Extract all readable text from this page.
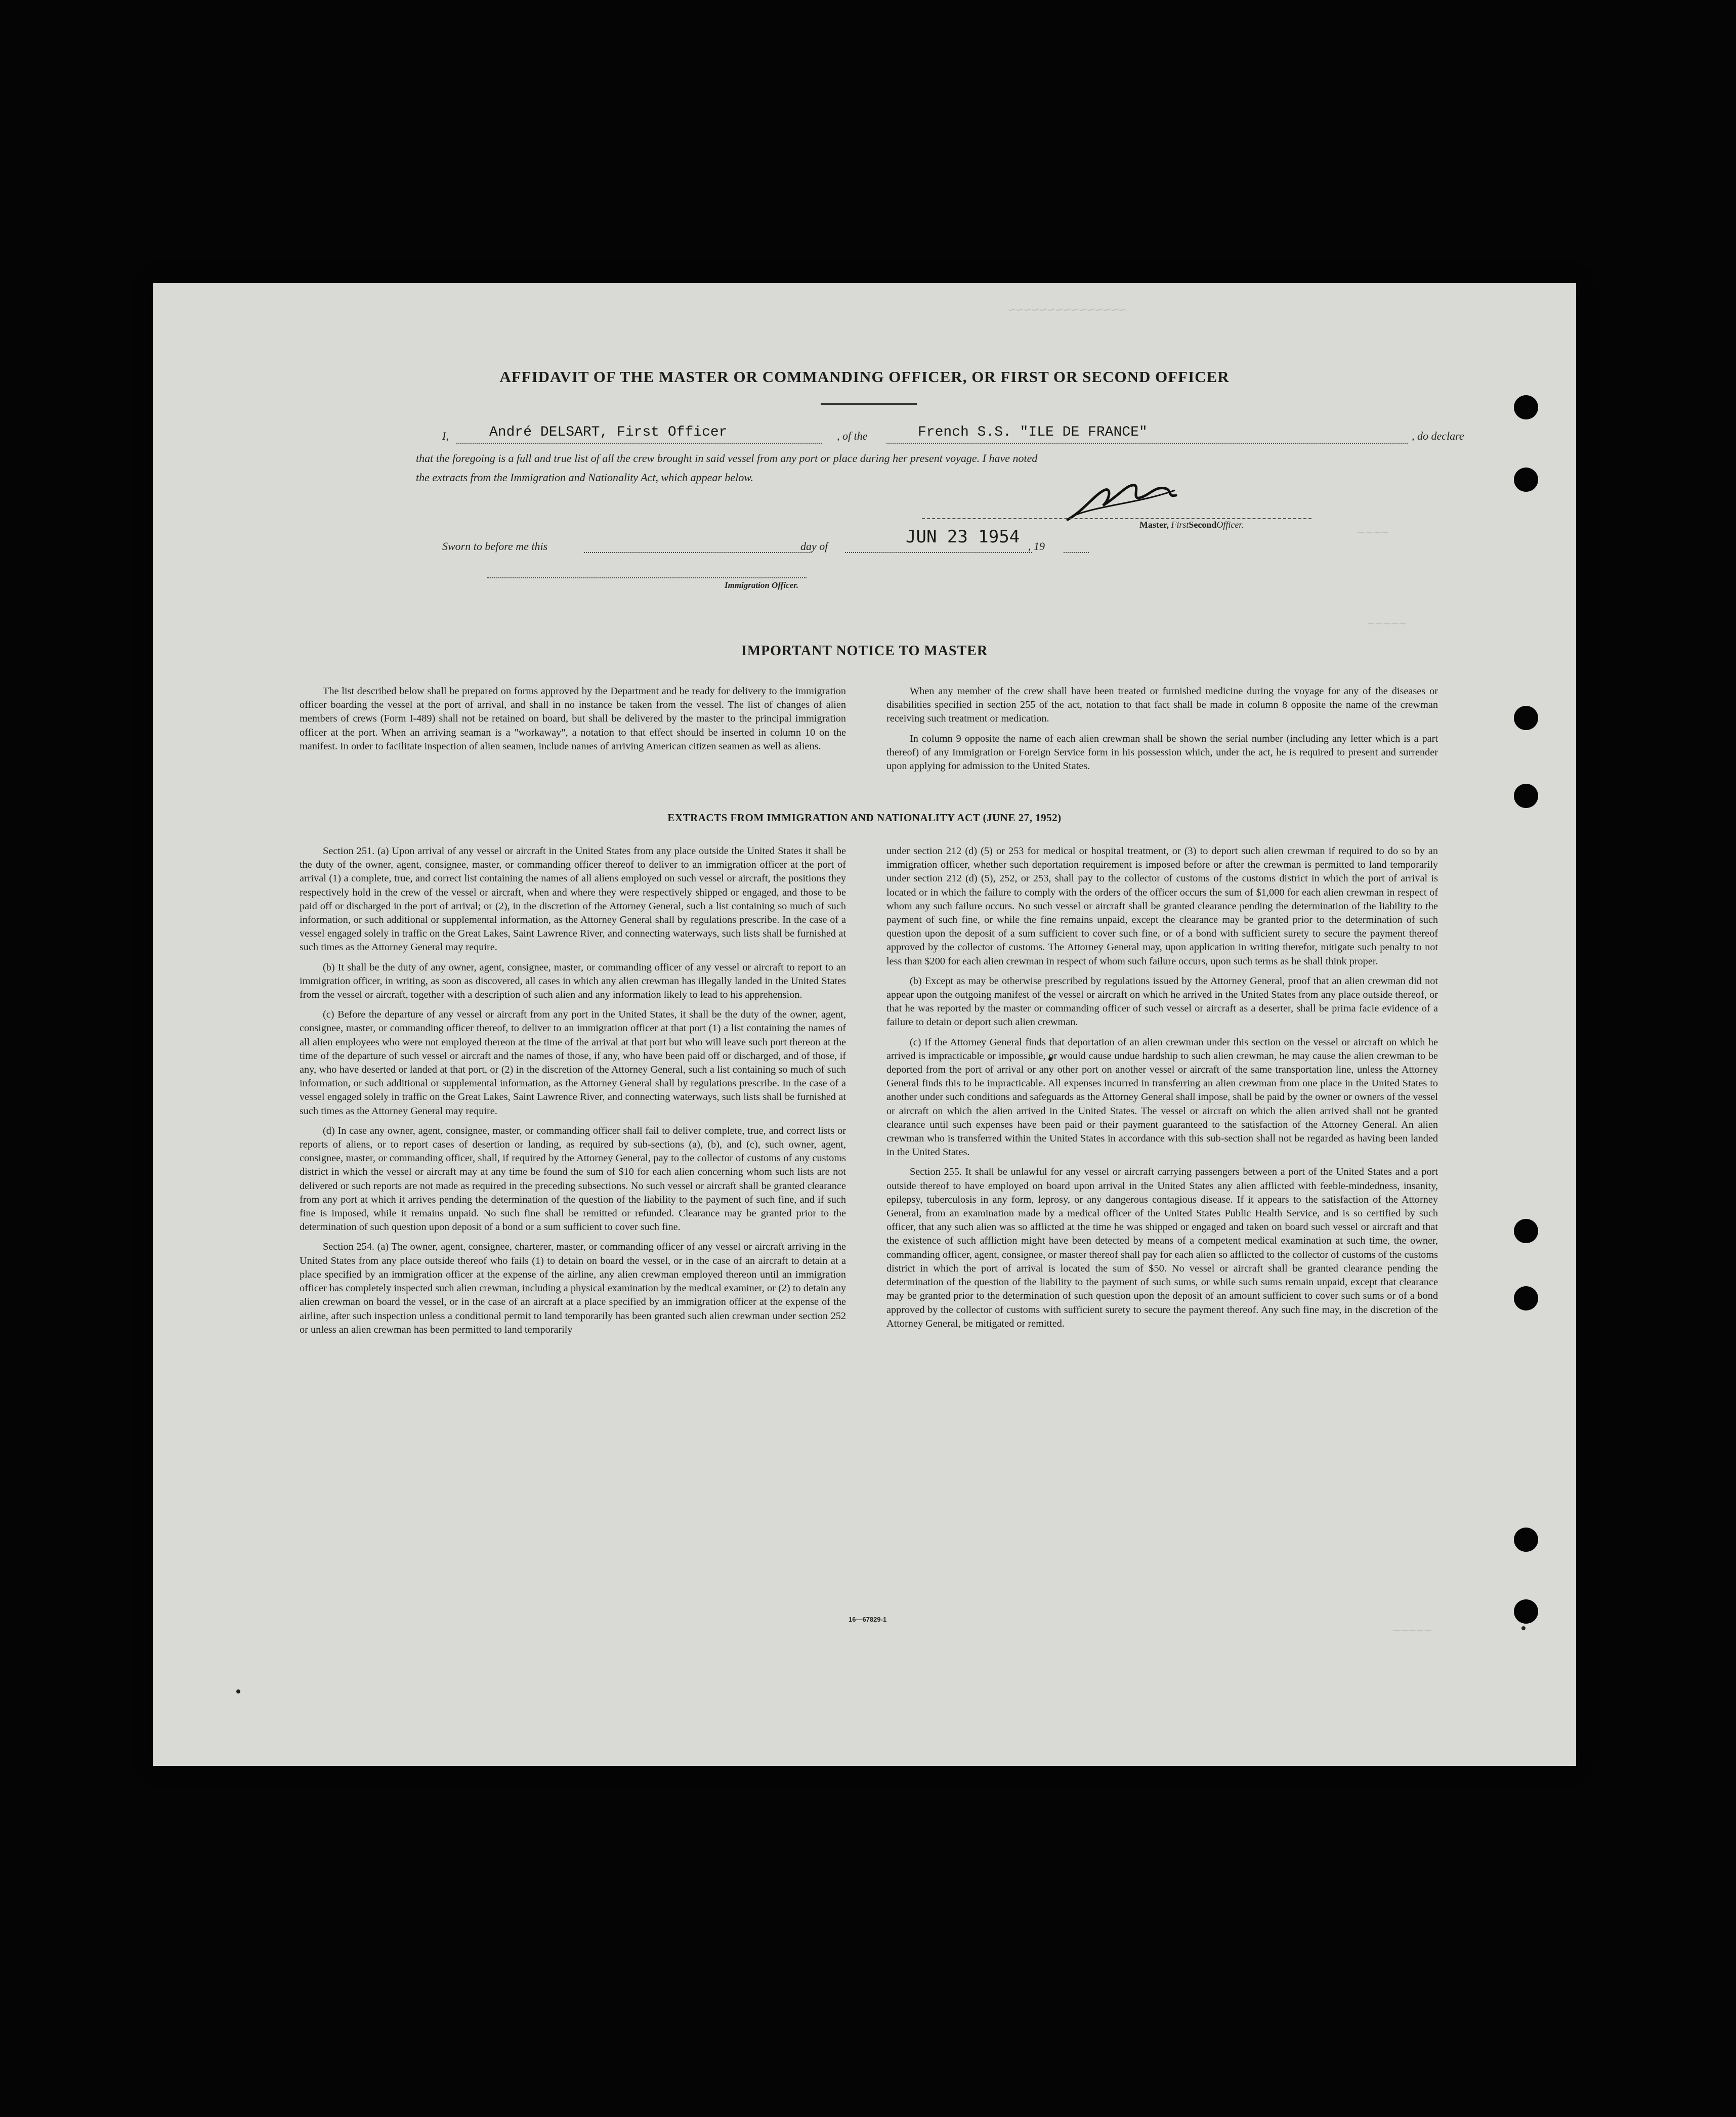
~~~~~~~~~~~~~~~
~~~~
~~~~~
~~~~~
AFFIDAVIT OF THE MASTER OR COMMANDING OFFICER, OR FIRST OR SECOND OFFICER
I,	André DELSART, First Officer	, of the	French S.S. "ILE DE FRANCE"	, do declare
that the foregoing is a full and true list of all the crew brought in said vessel from any port or place during her present voyage. I have noted
the extracts from the Immigration and Nationality Act, which appear below.
Master, FirstSecondOfficer.
Sworn to before me this	day of	JUN 23 1954 , 19
Immigration Officer.
IMPORTANT NOTICE TO MASTER

The list described below shall be prepared on forms approved by the Department and be ready for delivery to the immigration officer boarding the vessel at the port of arrival, and shall in no instance be taken from the vessel. The list of changes of alien members of crews (Form I-489) shall not be retained on board, but shall be delivered by the master to the principal immigration officer at the port. When an arriving seaman is a "workaway", a notation to that effect should be inserted in column 10 on the manifest. In order to facilitate inspection of alien seamen, include names of arriving American citizen seamen as well as aliens.

When any member of the crew shall have been treated or furnished medicine during the voyage for any of the diseases or disabilities specified in section 255 of the act, notation to that fact shall be made in column 8 opposite the name of the crewman receiving such treatment or medication.

In column 9 opposite the name of each alien crewman shall be shown the serial number (including any letter which is a part thereof) of any Immigration or Foreign Service form in his possession which, under the act, he is required to present and surrender upon applying for admission to the United States.

EXTRACTS FROM IMMIGRATION AND NATIONALITY ACT (JUNE 27, 1952)

Section 251. (a) Upon arrival of any vessel or aircraft in the United States from any place outside the United States it shall be the duty of the owner, agent, consignee, master, or commanding officer thereof to deliver to an immigration officer at the port of arrival (1) a complete, true, and correct list containing the names of all aliens employed on such vessel or aircraft, the positions they respectively hold in the crew of the vessel or aircraft, when and where they were respectively shipped or engaged, and those to be paid off or discharged in the port of arrival; or (2), in the discretion of the Attorney General, such a list containing so much of such information, or such additional or supplemental information, as the Attorney General shall by regulations prescribe. In the case of a vessel engaged solely in traffic on the Great Lakes, Saint Lawrence River, and connecting waterways, such lists shall be furnished at such times as the Attorney General may require.

(b) It shall be the duty of any owner, agent, consignee, master, or commanding officer of any vessel or aircraft to report to an immigration officer, in writing, as soon as discovered, all cases in which any alien crewman has illegally landed in the United States from the vessel or aircraft, together with a description of such alien and any information likely to lead to his apprehension.

(c) Before the departure of any vessel or aircraft from any port in the United States, it shall be the duty of the owner, agent, consignee, master, or commanding officer thereof, to deliver to an immigration officer at that port (1) a list containing the names of all alien employees who were not employed thereon at the time of the arrival at that port but who will leave such port thereon at the time of the departure of such vessel or aircraft and the names of those, if any, who have been paid off or discharged, and of those, if any, who have deserted or landed at that port, or (2) in the discretion of the Attorney General, such a list containing so much of such information, or such additional or supplemental information, as the Attorney General shall by regulations prescribe. In the case of a vessel engaged solely in traffic on the Great Lakes, Saint Lawrence River, and connecting waterways, such lists shall be furnished at such times as the Attorney General may require.

(d) In case any owner, agent, consignee, master, or commanding officer shall fail to deliver complete, true, and correct lists or reports of aliens, or to report cases of desertion or landing, as required by sub-sections (a), (b), and (c), such owner, agent, consignee, master, or commanding officer, shall, if required by the Attorney General, pay to the collector of customs of any customs district in which the vessel or aircraft may at any time be found the sum of $10 for each alien concerning whom such lists are not delivered or such reports are not made as required in the preceding subsections. No such vessel or aircraft shall be granted clearance from any port at which it arrives pending the determination of the question of the liability to the payment of such fine, and if such fine is imposed, while it remains unpaid. No such fine shall be remitted or refunded. Clearance may be granted prior to the determination of such question upon deposit of a bond or a sum sufficient to cover such fine.

Section 254. (a) The owner, agent, consignee, charterer, master, or commanding officer of any vessel or aircraft arriving in the United States from any place outside thereof who fails (1) to detain on board the vessel, or in the case of an aircraft to detain at a place specified by an immigration officer at the expense of the airline, any alien crewman employed thereon until an immigration officer has completely inspected such alien crewman, including a physical examination by the medical examiner, or (2) to detain any alien crewman on board the vessel, or in the case of an aircraft at a place specified by an immigration officer at the expense of the airline, after such inspection unless a conditional permit to land temporarily has been granted such alien crewman under section 252 or unless an alien crewman has been permitted to land temporarily

under section 212 (d) (5) or 253 for medical or hospital treatment, or (3) to deport such alien crewman if required to do so by an immigration officer, whether such deportation requirement is imposed before or after the crewman is permitted to land temporarily under section 212 (d) (5), 252, or 253, shall pay to the collector of customs of the customs district in which the port of arrival is located or in which the failure to comply with the orders of the officer occurs the sum of $1,000 for each alien crewman in respect of whom any such failure occurs. No such vessel or aircraft shall be granted clearance pending the determination of the liability to the payment of such fine, or while the fine remains unpaid, except the clearance may be granted prior to the determination of such question upon the deposit of a sum sufficient to cover such fine, or of a bond with sufficient surety to secure the payment thereof approved by the collector of customs. The Attorney General may, upon application in writing therefor, mitigate such penalty to not less than $200 for each alien crewman in respect of whom such failure occurs, upon such terms as he shall think proper.

(b) Except as may be otherwise prescribed by regulations issued by the Attorney General, proof that an alien crewman did not appear upon the outgoing manifest of the vessel or aircraft on which he arrived in the United States from any place outside thereof, or that he was reported by the master or commanding officer of such vessel or aircraft as a deserter, shall be prima facie evidence of a failure to detain or deport such alien crewman.

(c) If the Attorney General finds that deportation of an alien crewman under this section on the vessel or aircraft on which he arrived is impracticable or impossible, or would cause undue hardship to such alien crewman, he may cause the alien crewman to be deported from the port of arrival or any other port on another vessel or aircraft of the same transportation line, unless the Attorney General finds this to be impracticable. All expenses incurred in transferring an alien crewman from one place in the United States to another under such conditions and safeguards as the Attorney General shall impose, shall be paid by the owner or owners of the vessel or aircraft on which the alien arrived in the United States. The vessel or aircraft on which the alien arrived shall not be granted clearance until such expenses have been paid or their payment guaranteed to the satisfaction of the Attorney General. An alien crewman who is transferred within the United States in accordance with this sub-section shall not be regarded as having been landed in the United States.

Section 255. It shall be unlawful for any vessel or aircraft carrying passengers between a port of the United States and a port outside thereof to have employed on board upon arrival in the United States any alien afflicted with feeble-mindedness, insanity, epilepsy, tuberculosis in any form, leprosy, or any dangerous contagious disease. If it appears to the satisfaction of the Attorney General, from an examination made by a medical officer of the United States Public Health Service, and is so certified by such officer, that any such alien was so afflicted at the time he was shipped or engaged and taken on board such vessel or aircraft and that the existence of such affliction might have been detected by means of a competent medical examination at such time, the owner, commanding officer, agent, consignee, or master thereof shall pay for each alien so afflicted to the collector of customs of the customs district in which the port of arrival is located the sum of $50. No vessel or aircraft shall be granted clearance pending the determination of the question of the liability to the payment of such sums, or while such sums remain unpaid, except that clearance may be granted prior to the determination of such question upon the deposit of an amount sufficient to cover such sums or of a bond approved by the collector of customs with sufficient surety to secure the payment thereof. Any such fine may, in the discretion of the Attorney General, be mitigated or remitted.

16—67829-1
